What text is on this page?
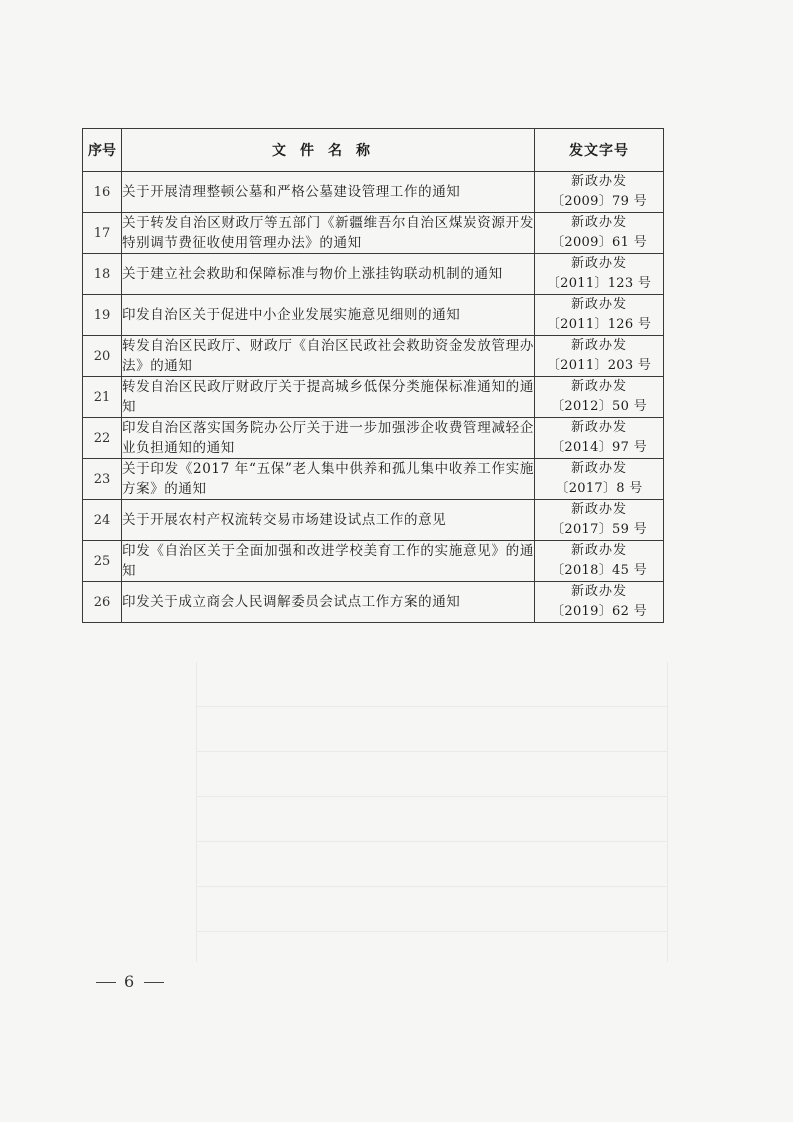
序号	文件名称	发文字号
16	关于开展清理整顿公墓和严格公墓建设管理工作的通知	新政办发
〔2009〕79 号

17	关于转发自治区财政厅等五部门《新疆维吾尔自治区煤炭资源开发特别调节费征收使用管理办法》的通知	新政办发
〔2009〕61 号

18	关于建立社会救助和保障标准与物价上涨挂钩联动机制的通知	新政办发
〔2011〕123 号

19	印发自治区关于促进中小企业发展实施意见细则的通知	新政办发
〔2011〕126 号

20	转发自治区民政厅、财政厅《自治区民政社会救助资金发放管理办法》的通知	新政办发
〔2011〕203 号

21	转发自治区民政厅财政厅关于提高城乡低保分类施保标准通知的通知	新政办发
〔2012〕50 号

22	印发自治区落实国务院办公厅关于进一步加强涉企收费管理减轻企业负担通知的通知	新政办发
〔2014〕97 号

23	关于印发《2017 年“五保”老人集中供养和孤儿集中收养工作实施方案》的通知	新政办发
〔2017〕8 号

24	关于开展农村产权流转交易市场建设试点工作的意见	新政办发
〔2017〕59 号

25	印发《自治区关于全面加强和改进学校美育工作的实施意见》的通知	新政办发
〔2018〕45 号

26	印发关于成立商会人民调解委员会试点工作方案的通知	新政办发
〔2019〕62 号
6
